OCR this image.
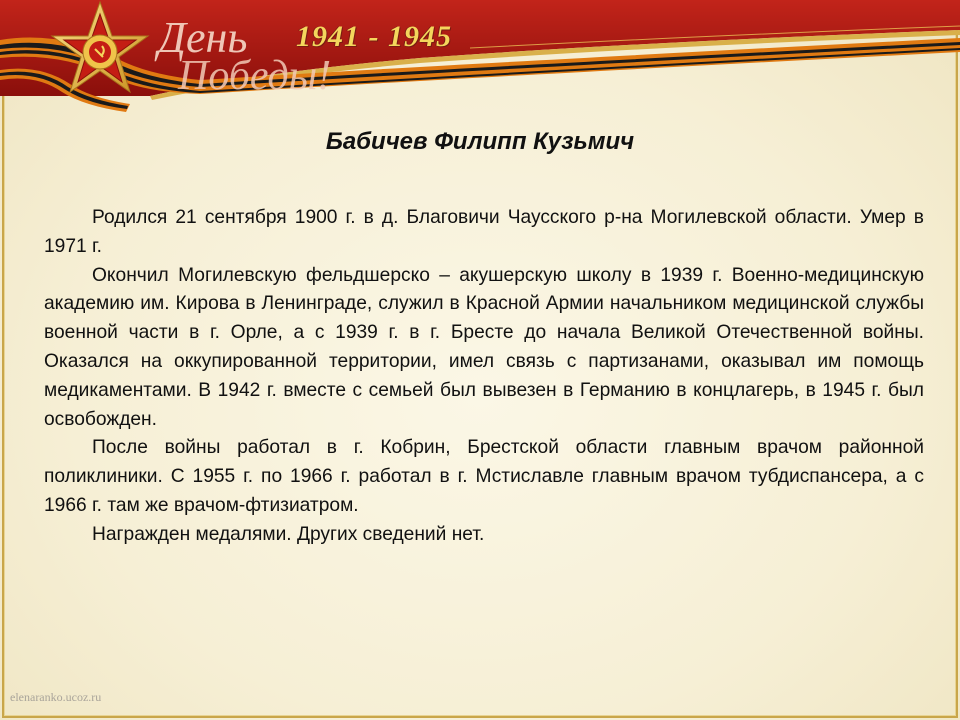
День
Победы!
1941 - 1945
Бабичев Филипп Кузьмич

Родился 21 сентября 1900 г. в д. Благовичи Чаусского р-на Могилевской области. Умер в 1971 г.

Окончил Могилевскую фельдшерско – акушерскую школу в 1939 г. Военно-медицинскую академию им. Кирова в Ленинграде, служил в Красной Армии начальником медицинской службы военной части в г. Орле, а с 1939 г. в г. Бресте до начала Великой Отечественной войны. Оказался на оккупированной территории, имел связь с партизанами, оказывал им помощь медикаментами. В 1942 г. вместе с семьей был вывезен в Германию в концлагерь, в 1945 г. был освобожден.

После войны работал в г. Кобрин, Брестской области главным врачом районной поликлиники. С 1955 г. по 1966 г. работал в г. Мстиславле главным врачом тубдиспансера, а с 1966 г. там же врачом-фтизиатром.

Награжден медалями. Других сведений нет.

elenaranko.ucoz.ru
